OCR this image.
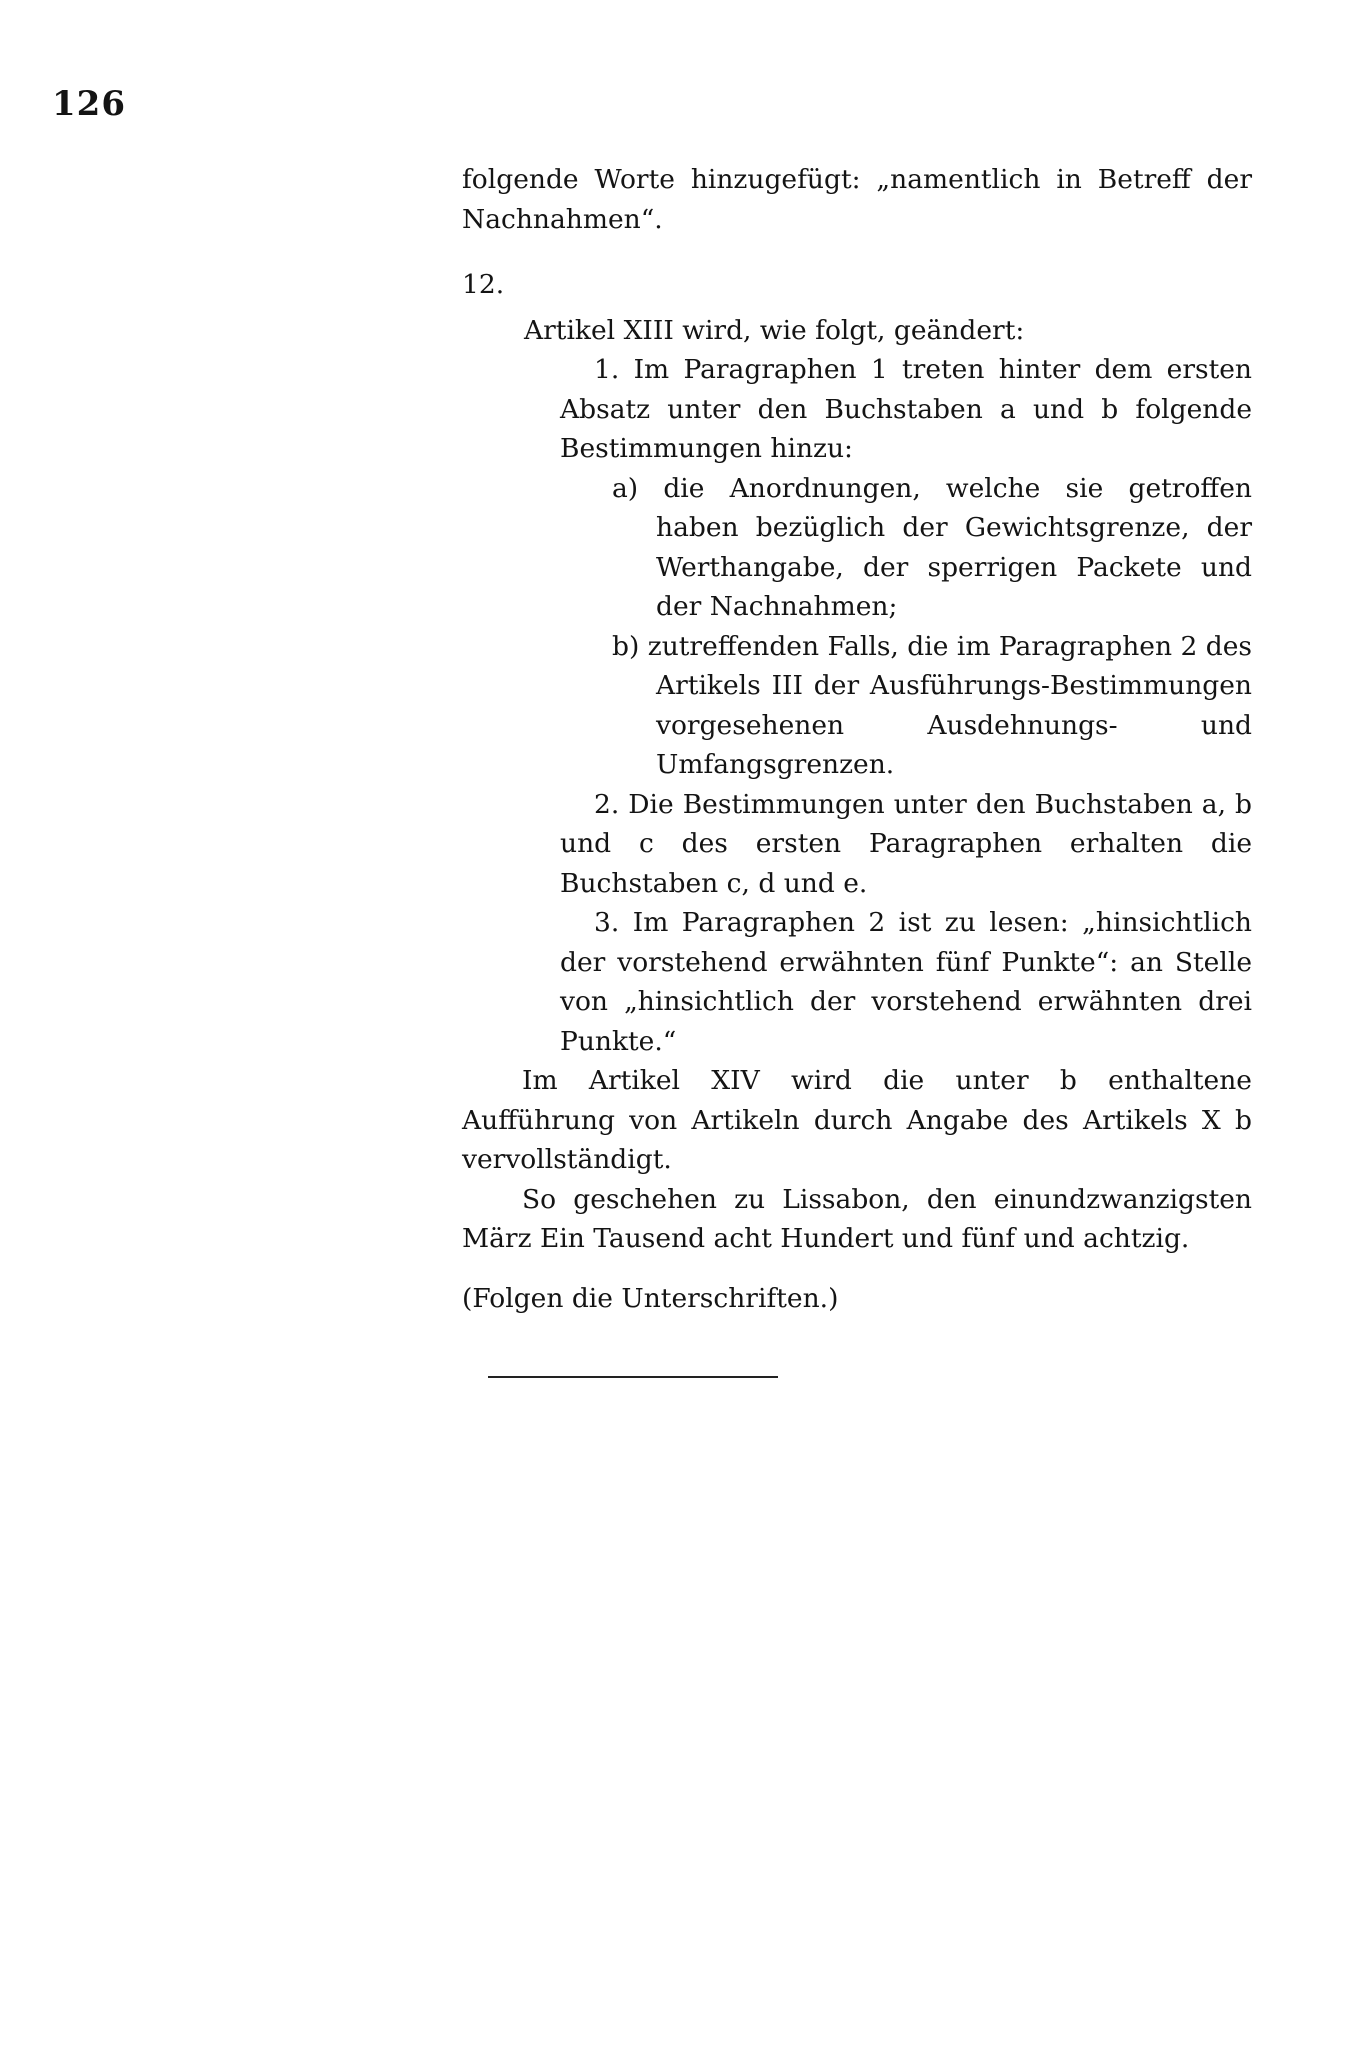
126

folgende Worte hinzugefügt: „namentlich in Betreff der Nachnahmen“.

12.

Artikel XIII wird, wie folgt, geändert:

1. Im Paragraphen 1 treten hinter dem ersten Absatz unter den Buchstaben a und b folgende Bestimmungen hinzu:

a) die Anordnungen, welche sie getroffen haben bezüglich der Gewichtsgrenze, der Werthangabe, der sperrigen Packete und der Nachnahmen;

b) zutreffenden Falls, die im Paragraphen 2 des Artikels III der Ausführungs-Bestimmungen vorgesehenen Ausdehnungs- und Umfangsgrenzen.

2. Die Bestimmungen unter den Buchstaben a, b und c des ersten Paragraphen erhalten die Buchstaben c, d und e.

3. Im Paragraphen 2 ist zu lesen: „hinsichtlich der vorstehend erwähnten fünf Punkte“: an Stelle von „hinsichtlich der vorstehend erwähnten drei Punkte.“

Im Artikel XIV wird die unter b enthaltene Aufführung von Artikeln durch Angabe des Artikels X b vervollständigt.

So geschehen zu Lissabon, den einundzwanzigsten März Ein Tausend acht Hundert und fünf und achtzig.

(Folgen die Unterschriften.)
